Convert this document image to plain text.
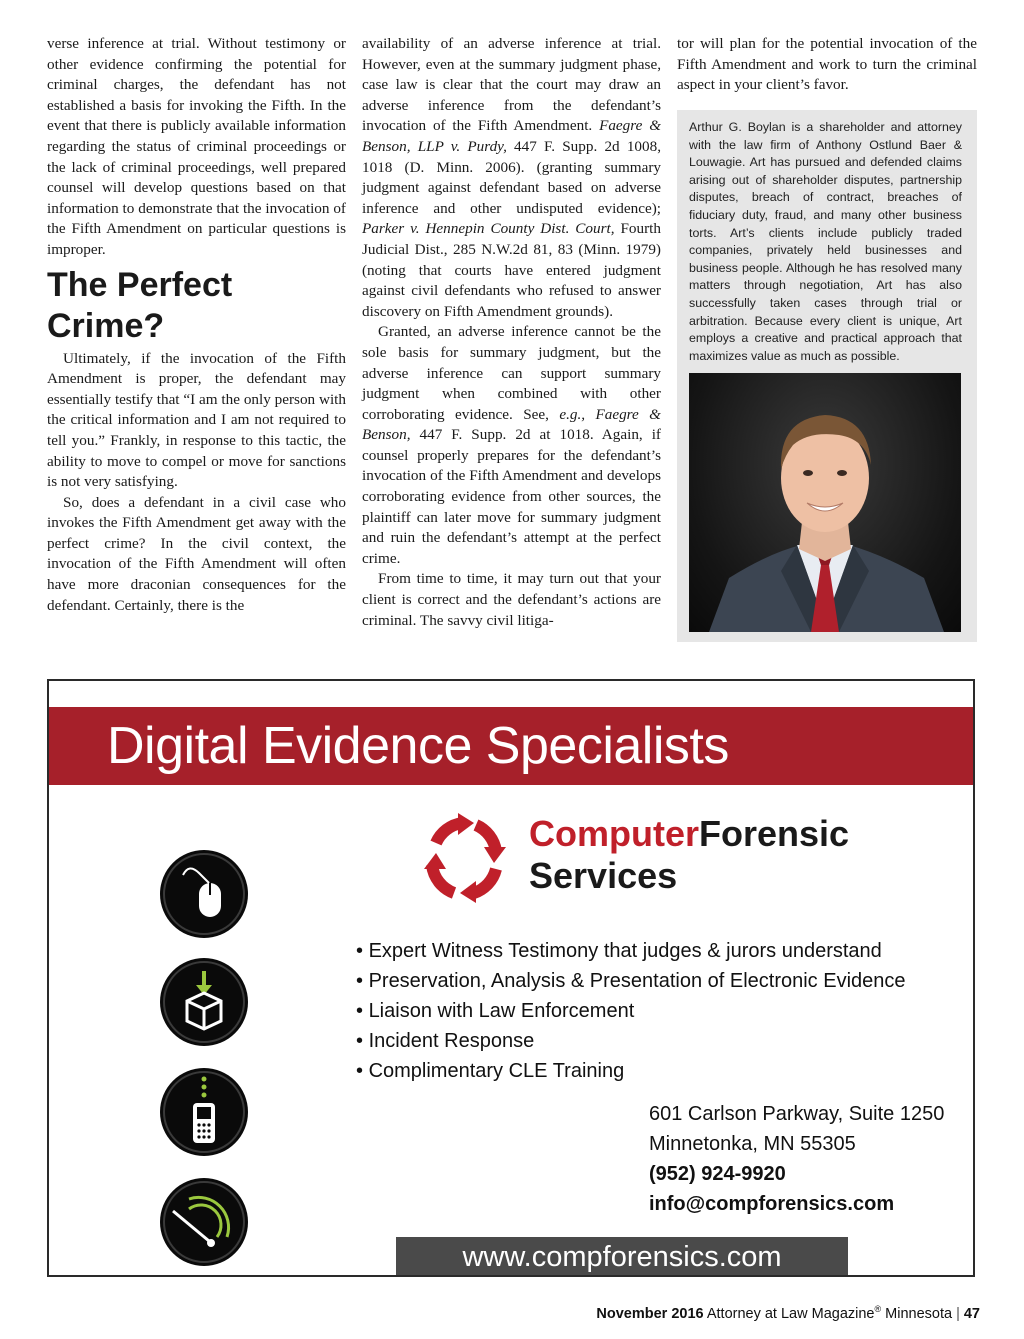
verse inference at trial. Without testimony or other evidence confirming the potential for criminal charges, the defendant has not established a basis for invoking the Fifth. In the event that there is publicly available information regarding the status of criminal proceedings or the lack of criminal proceedings, well prepared counsel will develop questions based on that information to demonstrate that the invocation of the Fifth Amendment on particular questions is improper.

The Perfect Crime?

Ultimately, if the invocation of the Fifth Amendment is proper, the defendant may essentially testify that “I am the only person with the critical information and I am not required to tell you.” Frankly, in response to this tactic, the ability to move to compel or move for sanctions is not very satisfying.

So, does a defendant in a civil case who invokes the Fifth Amendment get away with the perfect crime? In the civil context, the invocation of the Fifth Amendment will often have more draconian consequences for the defendant. Certainly, there is the

availability of an adverse inference at trial. However, even at the summary judgment phase, case law is clear that the court may draw an adverse inference from the defendant’s invocation of the Fifth Amendment. Faegre & Benson, LLP v. Purdy, 447 F. Supp. 2d 1008, 1018 (D. Minn. 2006). (granting summary judgment against defendant based on adverse inference and other undisputed evidence); Parker v. Hennepin County Dist. Court, Fourth Judicial Dist., 285 N.W.2d 81, 83 (Minn. 1979) (noting that courts have entered judgment against civil defendants who refused to answer discovery on Fifth Amendment grounds).

Granted, an adverse inference cannot be the sole basis for summary judgment, but the adverse inference can support summary judgment when combined with other corroborating evidence. See, e.g., Faegre & Benson, 447 F. Supp. 2d at 1018. Again, if counsel properly prepares for the defendant’s invocation of the Fifth Amendment and develops corroborating evidence from other sources, the plaintiff can later move for summary judgment and ruin the defendant’s attempt at the perfect crime.

From time to time, it may turn out that your client is correct and the defendant’s actions are criminal. The savvy civil litiga-

tor will plan for the potential invocation of the Fifth Amendment and work to turn the criminal aspect in your client’s favor.

Arthur G. Boylan is a shareholder and attorney with the law firm of Anthony Ostlund Baer & Louwagie. Art has pursued and defended claims arising out of shareholder disputes, partnership disputes, breach of contract, breaches of fiduciary duty, fraud, and many other business torts. Art’s clients include publicly traded companies, privately held businesses and business people. Although he has resolved many matters through negotiation, Art has also successfully taken cases through trial or arbitration. Because every client is unique, Art employs a creative and practical approach that maximizes value as much as possible.
Digital Evidence Specialists
ComputerForensic
Services
• Expert Witness Testimony that judges & jurors understand
• Preservation, Analysis & Presentation of Electronic Evidence
• Liaison with Law Enforcement
• Incident Response
• Complimentary CLE Training
601 Carlson Parkway, Suite 1250
Minnetonka, MN 55305
(952) 924-9920
info@compforensics.com
www.compforensics.com
November 2016 Attorney at Law Magazine® Minnesota | 47
